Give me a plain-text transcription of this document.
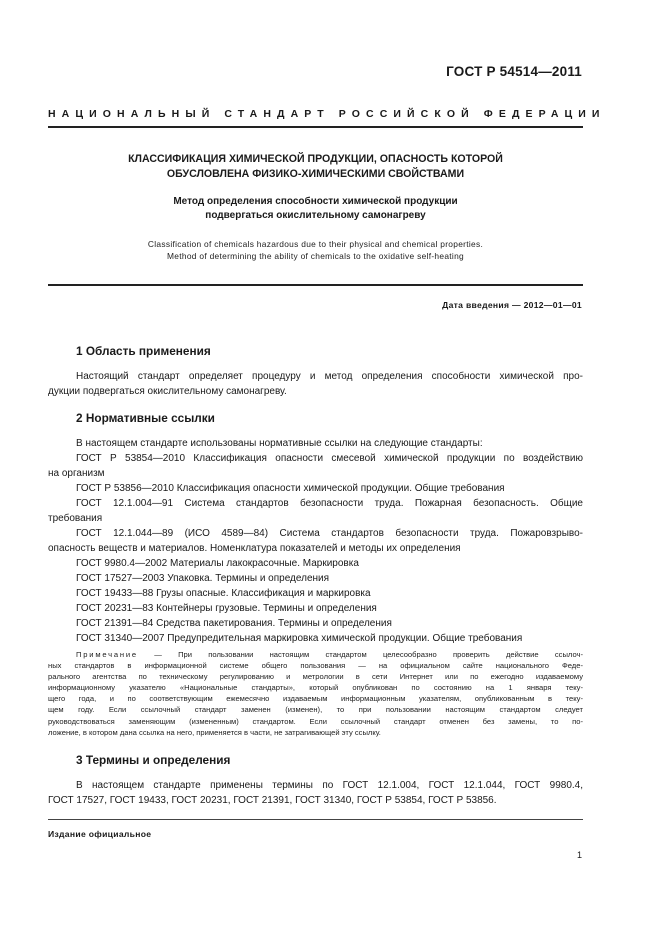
ГОСТ Р 54514—2011
НАЦИОНАЛЬНЫЙ СТАНДАРТ РОССИЙСКОЙ ФЕДЕРАЦИИ
КЛАССИФИКАЦИЯ ХИМИЧЕСКОЙ ПРОДУКЦИИ, ОПАСНОСТЬ КОТОРОЙ
ОБУСЛОВЛЕНА ФИЗИКО-ХИМИЧЕСКИМИ СВОЙСТВАМИ
Метод определения способности химической продукции
подвергаться окислительному самонагреву
Classification of chemicals hazardous due to their physical and chemical properties.
Method of determining the ability of chemicals to the oxidative self-heating
Дата введения — 2012—01—01
1 Область применения
Настоящий стандарт определяет процедуру и метод определения способности химической про-
дукции подвергаться окислительному самонагреву.
2 Нормативные ссылки
В настоящем стандарте использованы нормативные ссылки на следующие стандарты:
ГОСТ Р 53854—2010 Классификация опасности смесевой химической продукции по воздействию
на организм
ГОСТ Р 53856—2010 Классификация опасности химической продукции. Общие требования
ГОСТ 12.1.004—91 Система стандартов безопасности труда. Пожарная безопасность. Общие
требования
ГОСТ 12.1.044—89 (ИСО 4589—84) Система стандартов безопасности труда. Пожаровзрыво-
опасность веществ и материалов. Номенклатура показателей и методы их определения
ГОСТ 9980.4—2002 Материалы лакокрасочные. Маркировка
ГОСТ 17527—2003 Упаковка. Термины и определения
ГОСТ 19433—88 Грузы опасные. Классификация и маркировка
ГОСТ 20231—83 Контейнеры грузовые. Термины и определения
ГОСТ 21391—84 Средства пакетирования. Термины и определения
ГОСТ 31340—2007 Предупредительная маркировка химической продукции. Общие требования
Примечание — При пользовании настоящим стандартом целесообразно проверить действие ссылоч-
ных стандартов в информационной системе общего пользования — на официальном сайте национального Феде-
рального агентства по техническому регулированию и метрологии в сети Интернет или по ежегодно издаваемому
информационному указателю «Национальные стандарты», который опубликован по состоянию на 1 января теку-
щего года, и по соответствующим ежемесячно издаваемым информационным указателям, опубликованным в теку-
щем году. Если ссылочный стандарт заменен (изменен), то при пользовании настоящим стандартом следует
руководствоваться заменяющим (измененным) стандартом. Если ссылочный стандарт отменен без замены, то по-
ложение, в котором дана ссылка на него, применяется в части, не затрагивающей эту ссылку.
3 Термины и определения
В настоящем стандарте применены термины по ГОСТ 12.1.004, ГОСТ 12.1.044, ГОСТ 9980.4,
ГОСТ 17527, ГОСТ 19433, ГОСТ 20231, ГОСТ 21391, ГОСТ 31340, ГОСТ Р 53854, ГОСТ Р 53856.
Издание официальное
1
